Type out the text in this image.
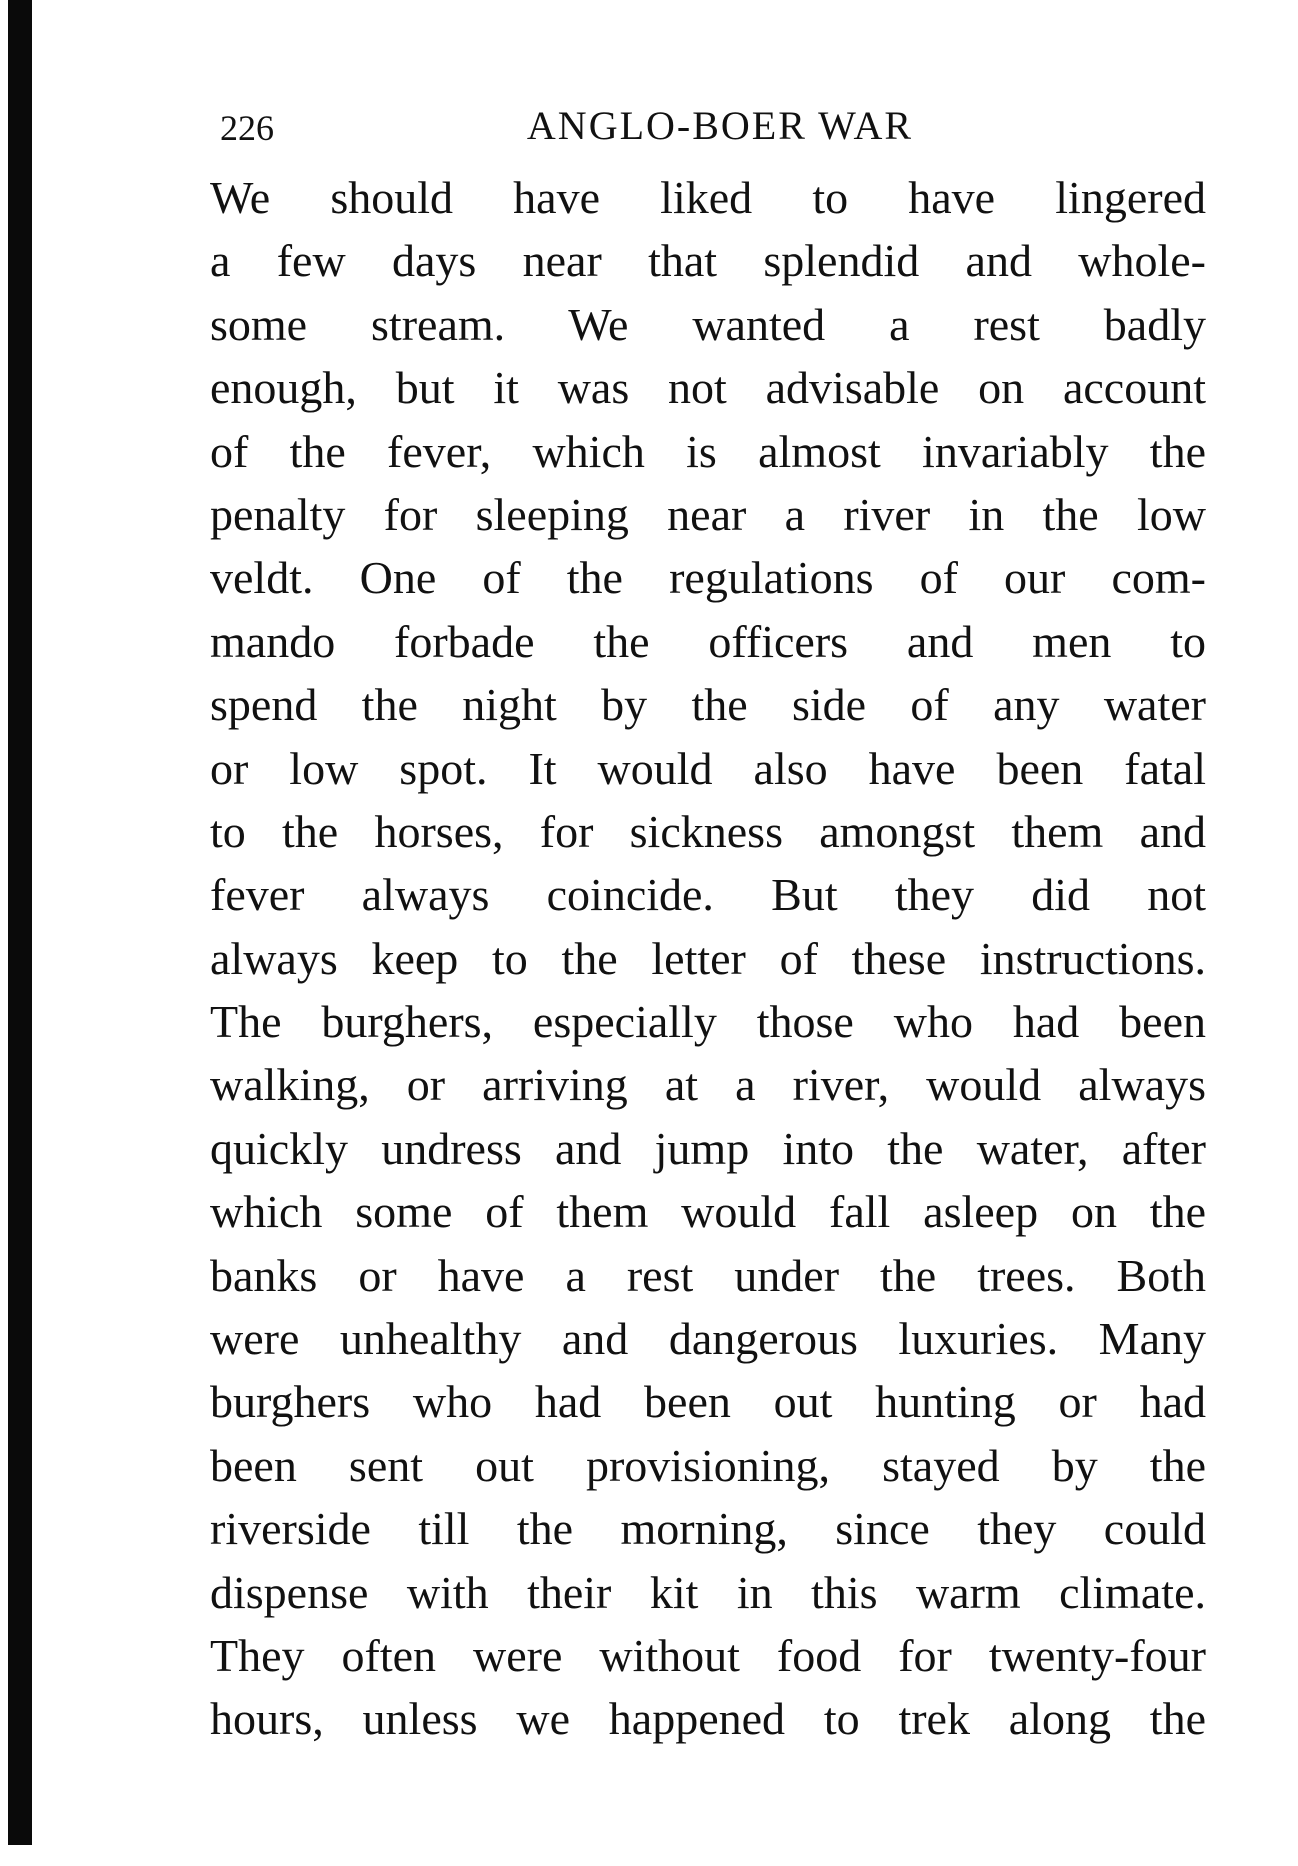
226	ANGLO-BOER WAR
We should have liked to have lingered
a few days near that splendid and whole-
some stream. We wanted a rest badly
enough, but it was not advisable on account
of the fever, which is almost invariably the
penalty for sleeping near a river in the low
veldt. One of the regulations of our com-
mando forbade the officers and men to
spend the night by the side of any water
or low spot. It would also have been fatal
to the horses, for sickness amongst them and
fever always coincide. But they did not
always keep to the letter of these instructions.
The burghers, especially those who had been
walking, or arriving at a river, would always
quickly undress and jump into the water, after
which some of them would fall asleep on the
banks or have a rest under the trees. Both
were unhealthy and dangerous luxuries. Many
burghers who had been out hunting or had
been sent out provisioning, stayed by the
riverside till the morning, since they could
dispense with their kit in this warm climate.
They often were without food for twenty-four
hours, unless we happened to trek along the
